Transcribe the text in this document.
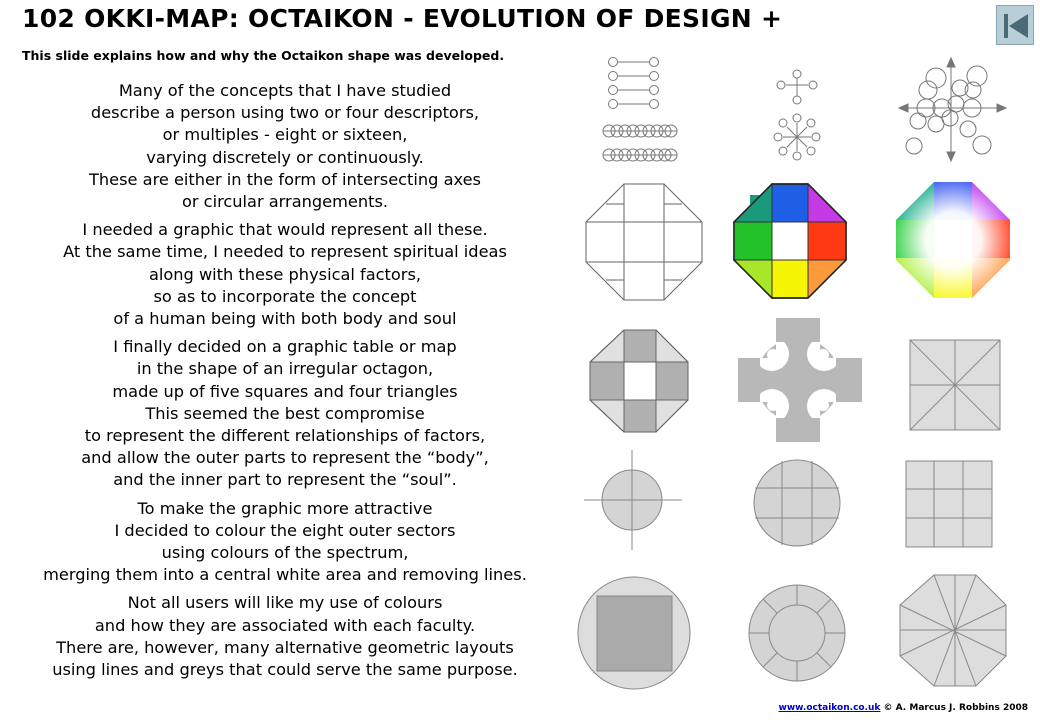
102 OKKI-MAP: OCTAIKON - EVOLUTION OF DESIGN +
This slide explains how and why the Octaikon shape was developed.
Many of the concepts that I have studied
describe a person using two or four descriptors,
or multiples - eight or sixteen,
varying discretely or continuously.
These are either in the form of intersecting axes
or circular arrangements.
I needed a graphic that would represent all these.
At the same time, I needed to represent spiritual ideas
along with these physical factors,
so as to incorporate the concept
of a human being with both body and soul
I finally decided on a graphic table or map
in the shape of an irregular octagon,
made up of five squares and four triangles
This seemed the best compromise
to represent the different relationships of factors,
and allow the outer parts to represent the “body”,
and the inner part to represent the “soul”.
To make the graphic more attractive
I decided to colour the eight outer sectors
using colours of the spectrum,
merging them into a central white area and removing lines.
Not all users will like my use of colours
and how they are associated with each faculty.
There are, however, many alternative geometric layouts
using lines and greys that could serve the same purpose.
www.octaikon.co.uk © A. Marcus J. Robbins 2008
